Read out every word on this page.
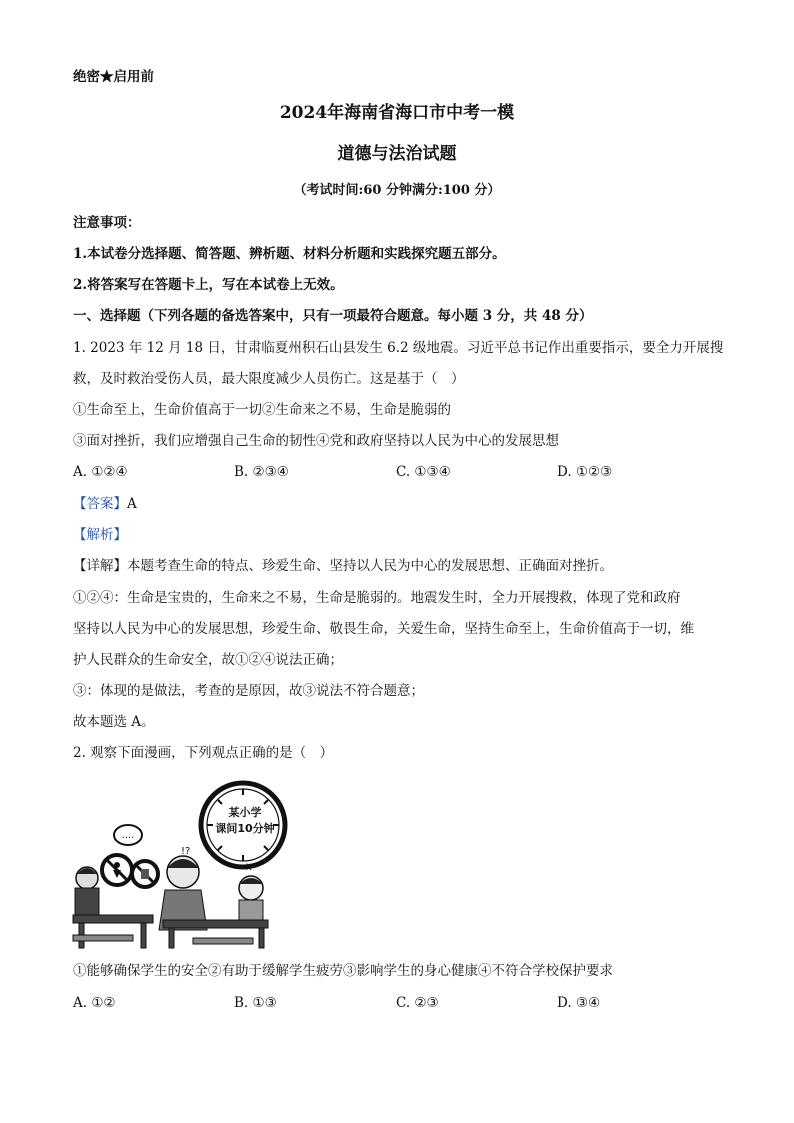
绝密★启用前
2024年海南省海口市中考一模
道德与法治试题
（考试时间:60 分钟满分:100 分）
注意事项：
1.本试卷分选择题、简答题、辨析题、材料分析题和实践探究题五部分。
2.将答案写在答题卡上，写在本试卷上无效。
一、选择题（下列各题的备选答案中，只有一项最符合题意。每小题 3 分，共 48 分）
1. 2023 年 12 月 18 日，甘肃临夏州积石山县发生 6.2 级地震。习近平总书记作出重要指示，要全力开展搜
救，及时救治受伤人员，最大限度减少人员伤亡。这是基于（　）
①生命至上，生命价值高于一切②生命来之不易，生命是脆弱的
③面对挫折，我们应增强自己生命的韧性④党和政府坚持以人民为中心的发展思想
A. ①②④	B. ②③④	C. ①③④	D. ①②③
【答案】A
【解析】
【详解】本题考查生命的特点、珍爱生命、坚持以人民为中心的发展思想、正确面对挫折。
①②④：生命是宝贵的，生命来之不易，生命是脆弱的。地震发生时，全力开展搜救，体现了党和政府
坚持以人民为中心的发展思想，珍爱生命、敬畏生命，关爱生命，坚持生命至上，生命价值高于一切，维
护人民群众的生命安全，故①②④说法正确；
③：体现的是做法，考查的是原因，故③说法不符合题意；
故本题选 A。
2. 观察下面漫画，下列观点正确的是（　）
某小学
课间10分钟
....
!?
!!
①能够确保学生的安全②有助于缓解学生疲劳③影响学生的身心健康④不符合学校保护要求
A. ①②	B. ①③	C. ②③	D. ③④
